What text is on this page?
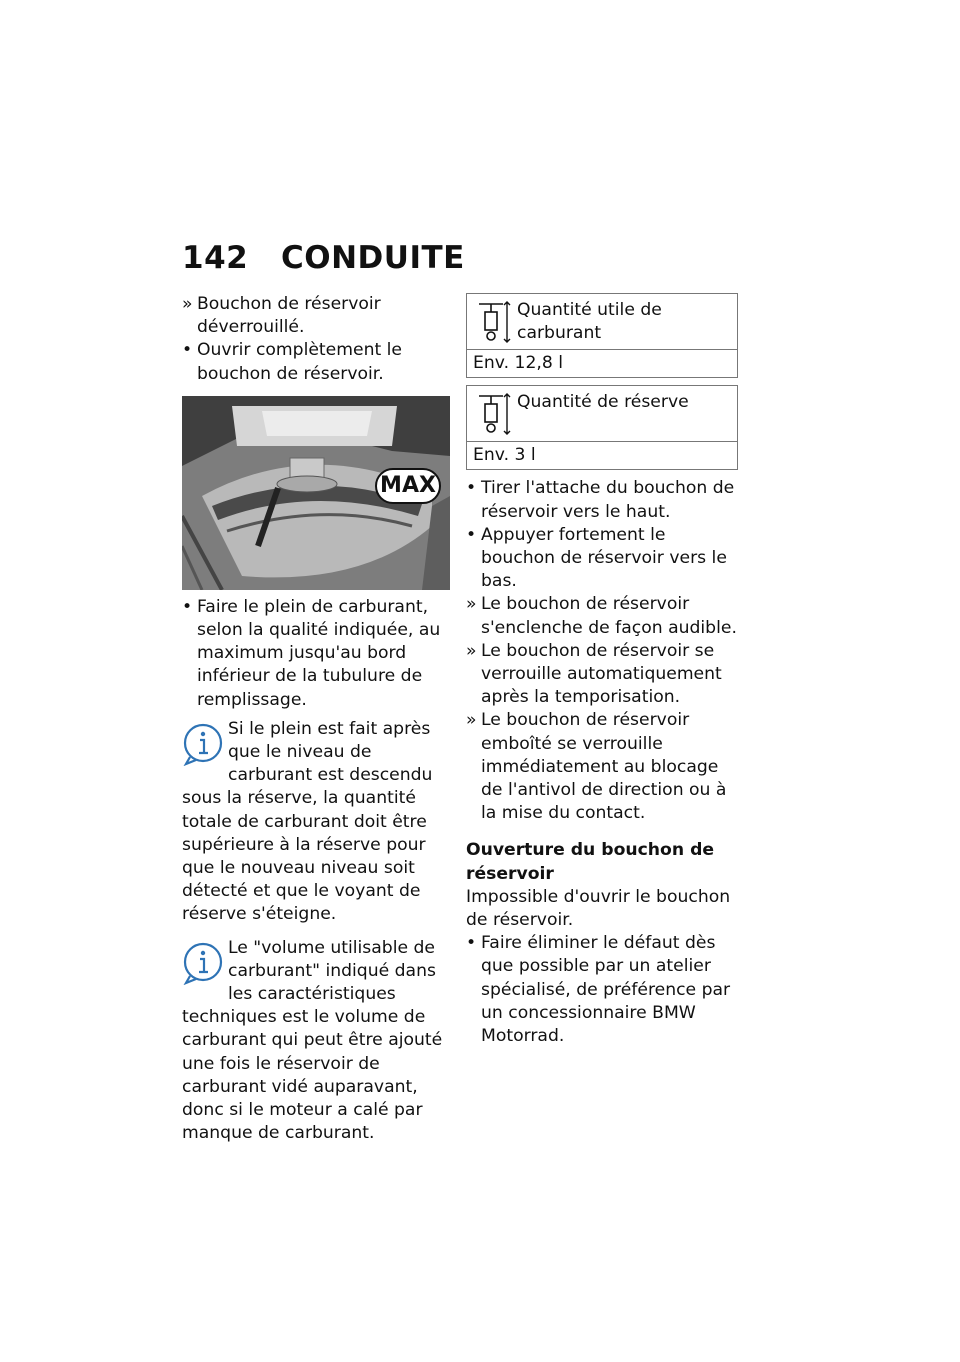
142 CONDUITE

» Bouchon de réservoir déverrouillé.

• Ouvrir complètement le bouchon de réservoir.

MAX

• Faire le plein de carburant, selon la qualité indiquée, au maximum jusqu'au bord inférieur de la tubulure de remplissage.

Si le plein est fait après que le niveau de carburant est descendu sous la réserve, la quantité totale de carburant doit être supérieure à la réserve pour que le nouveau niveau soit détecté et que le voyant de réserve s'éteigne.

Le "volume utilisable de carburant" indiqué dans les caractéristiques techniques est le volume de carburant qui peut être ajouté une fois le réservoir de carburant vidé auparavant, donc si le moteur a calé par manque de carburant.

Quantité utile de carburant
Env. 12,8 l
Quantité de réserve
Env. 3 l

• Tirer l'attache du bouchon de réservoir vers le haut.

• Appuyer fortement le bouchon de réservoir vers le bas.

» Le bouchon de réservoir s'enclenche de façon audible.

» Le bouchon de réservoir se verrouille automatiquement après la temporisation.

» Le bouchon de réservoir emboîté se verrouille immédiatement au blocage de l'antivol de direction ou à la mise du contact.

Ouverture du bouchon de réservoir

Impossible d'ouvrir le bouchon de réservoir.

• Faire éliminer le défaut dès que possible par un atelier spécialisé, de préférence par un concessionnaire BMW Motorrad.
